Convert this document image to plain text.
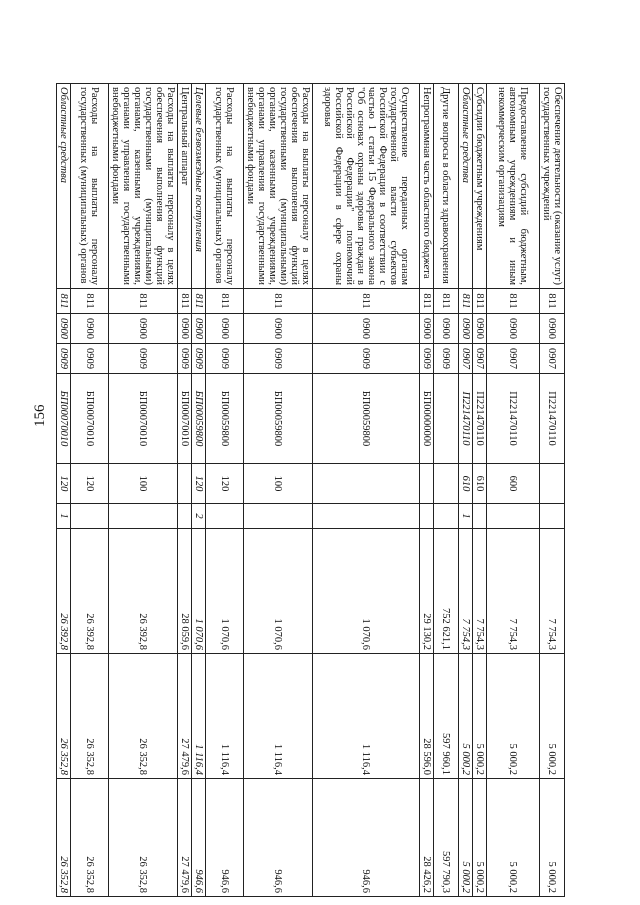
156
Обеспечение деятельности (оказание услуг) государственных учреждений	811	0900	0907	П221470110			7 754,3	5 000,2	5 000,2
Предоставление субсидий бюджетным, автономным учреждениям и иным некоммерческим организациям	811	0900	0907	П221470110	600		7 754,3	5 000,2	5 000,2
Субсидии бюджетным учреждениям	811	0900	0907	П221470110	610		7 754,3	5 000,2	5 000,2
Областные средства	811	0900	0907	П221470110	610	1	7 754,3	5 000,2	5 000,2
Другие вопросы в области здравоохранения	811	0900	0909				752 621,1	597 960,1	597 790,3
Непрограммная часть областного бюджета	811	0900	0909	БП00000000			29 130,2	28 596,0	28 426,2
Осуществление переданных органам государственной власти субъектов Российской Федерации в соответствии с частью 1 статьи 15 Федерального закона "Об основах охраны здоровья граждан в Российской Федерации" полномочий Российской Федерации в сфере охраны здоровья	811	0900	0909	БП00059800			1 070,6	1 116,4	946,6
Расходы на выплаты персоналу в целях обеспечения выполнения функций государственными (муниципальными) органами, казенными учреждениями, органами управления государственными внебюджетными фондами	811	0900	0909	БП00059800	100		1 070,6	1 116,4	946,6
Расходы на выплаты персоналу государственных (муниципальных) органов	811	0900	0909	БП00059800	120		1 070,6	1 116,4	946,6
Целевые безвозмездные поступления	811	0900	0909	БП00059800	120	2	1 070,6	1 116,4	946,6
Центральный аппарат	811	0900	0909	БП00070010			28 059,6	27 479,6	27 479,6
Расходы на выплаты персоналу в целях обеспечения выполнения функций государственными (муниципальными) органами, казенными учреждениями, органами управления государственными внебюджетными фондами	811	0900	0909	БП00070010	100		26 392,8	26 352,8	26 352,8
Расходы на выплаты персоналу государственных (муниципальных) органов	811	0900	0909	БП00070010	120		26 392,8	26 352,8	26 352,8
Областные средства	811	0900	0909	БП00070010	120	1	26 392,8	26 352,8	26 352,8
